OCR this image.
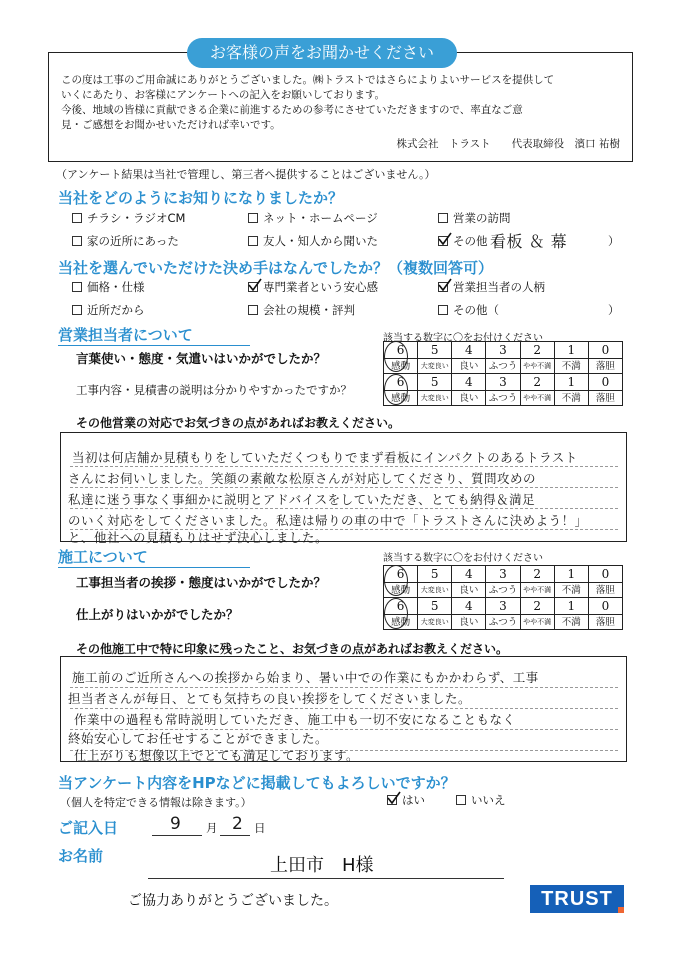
お客様の声をお聞かせください
この度は工事のご用命誠にありがとうございました。㈱トラストではさらによりよいサービスを提供して
いくにあたり、お客様にアンケートへの記入をお願いしております。
今後、地域の皆様に貢献できる企業に前進するための参考にさせていただきますので、率直なご意
見・ご感想をお聞かせいただければ幸いです。
株式会社　トラスト　　 代表取締役　濱口 祐樹
（アンケート結果は当社で管理し、第三者へ提供することはございません。）
当社をどのようにお知りになりましたか？
チラシ・ラジオCM	ネット・ホームページ	営業の訪問
家の近所にあった	友人・知人から聞いた	その他（
看板 ＆ 幕	）
当社を選んでいただけた決め手はなんでしたか？（複数回答可）
価格・仕様	専門業者という安心感	営業担当者の人柄
近所だから	会社の規模・評判	その他（	）
営業担当者について	該当する数字に〇をお付けください
言葉使い・態度・気遣いはいかがでしたか？
工事内容・見積書の説明は分かりやすかったですか？
6	5	4	3	2	1	0
感動	大変良い	良い	ふつう	やや不満	不満	落胆
6	5	4	3	2	1	0
感動	大変良い	良い	ふつう	やや不満	不満	落胆
その他営業の対応でお気づきの点があればお教えください。
当初は何店舗か見積もりをしていただくつもりでまず看板にインパクトのあるトラスト
さんにお伺いしました。笑顔の素敵な松原さんが対応してくださり、質問攻めの
私達に迷う事なく事細かに説明とアドバイスをしていただき、とても納得＆満足
のいく対応をしてくださいました。私達は帰りの車の中で「トラストさんに決めよう！」
と、他社への見積もりはせず決心しました。
施工について	該当する数字に〇をお付けください
工事担当者の挨拶・態度はいかがでしたか？
仕上がりはいかがでしたか？
6	5	4	3	2	1	0
感動	大変良い	良い	ふつう	やや不満	不満	落胆
6	5	4	3	2	1	0
感動	大変良い	良い	ふつう	やや不満	不満	落胆
その他施工中で特に印象に残ったこと、お気づきの点があればお教えください。
施工前のご近所さんへの挨拶から始まり、暑い中での作業にもかかわらず、工事
担当者さんが毎日、とても気持ちの良い挨拶をしてくださいました。
作業中の過程も常時説明していただき、施工中も一切不安になることもなく
終始安心してお任せすることができました。
仕上がりも想像以上でとても満足しております。
当アンケート内容をHPなどに掲載してもよろしいですか？
（個人を特定できる情報は除きます。）	はい	いいえ
ご記入日	9 月 2 日
お名前	上田市　H様
ご協力ありがとうございました。	TRUST
